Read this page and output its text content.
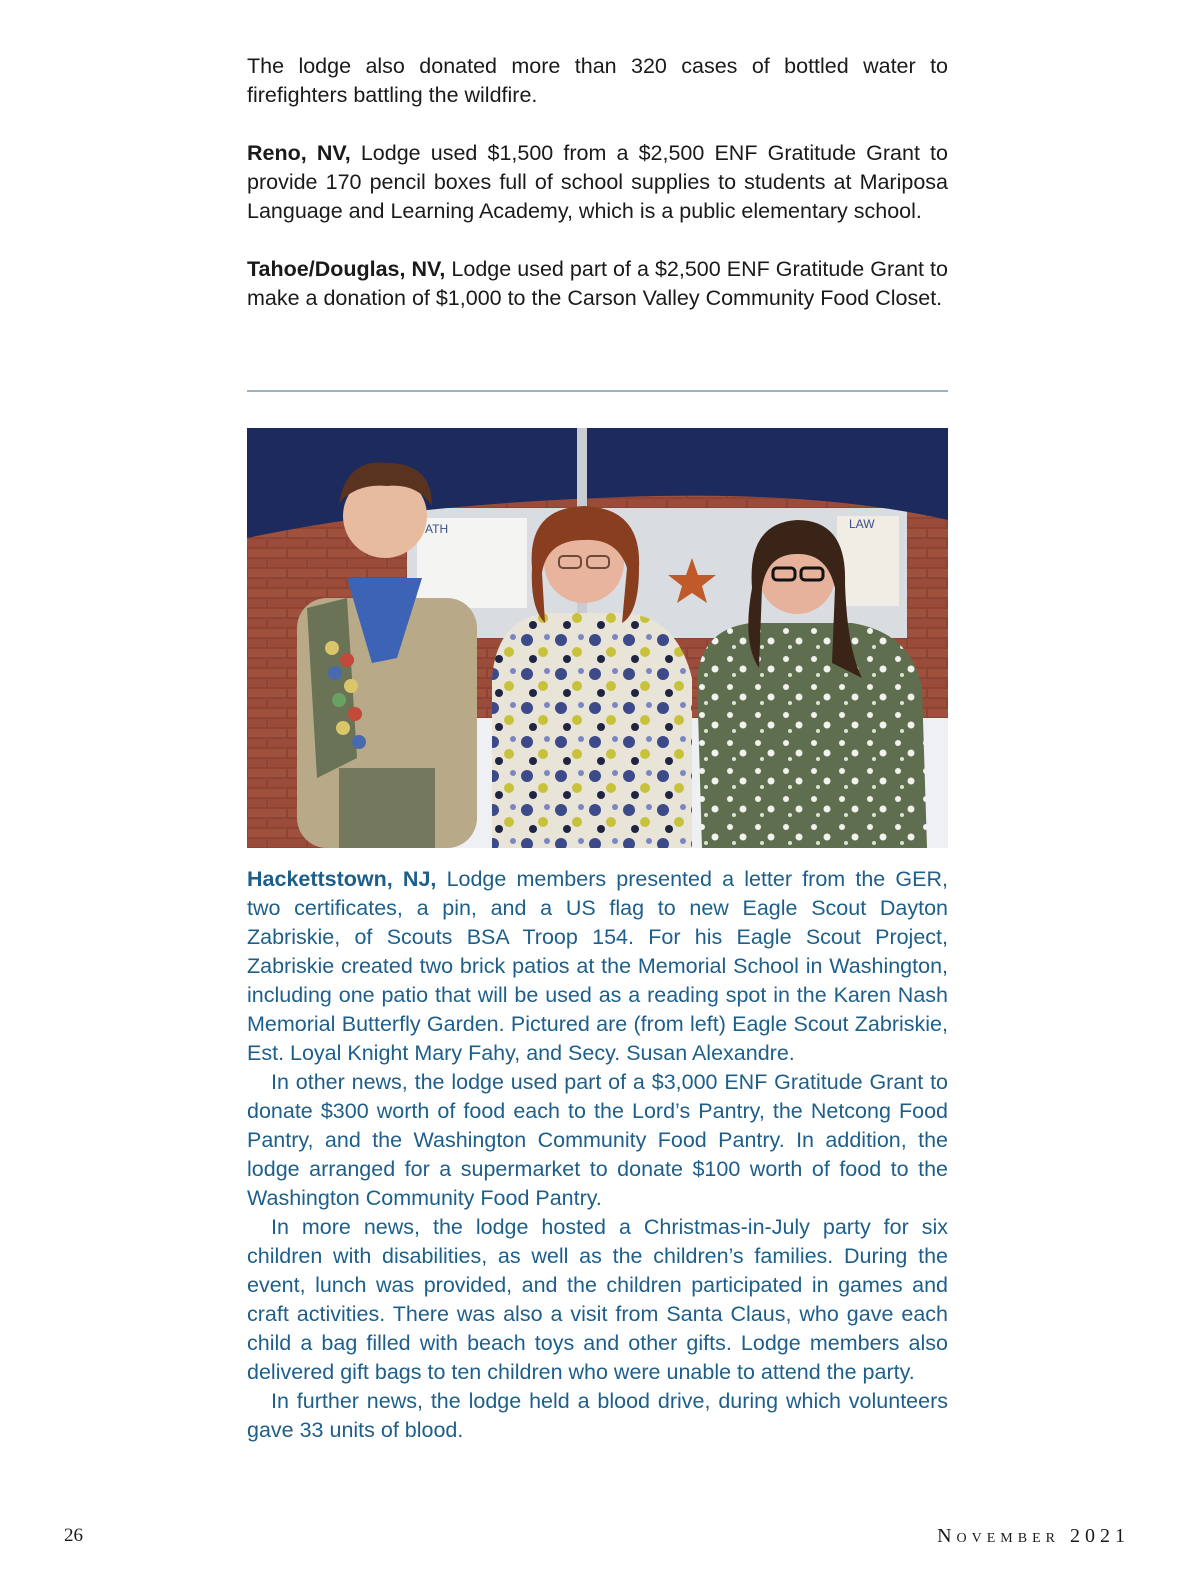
The lodge also donated more than 320 cases of bottled water to firefighters battling the wildfire.

Reno, NV, Lodge used $1,500 from a $2,500 ENF Gratitude Grant to provide 170 pencil boxes full of school supplies to students at Mariposa Language and Learning Academy, which is a public elementary school.

Tahoe/Douglas, NV, Lodge used part of a $2,500 ENF Gratitude Grant to make a donation of $1,000 to the Carson Valley Community Food Closet.

ATH	LAW

Hackettstown, NJ, Lodge members presented a letter from the GER, two certificates, a pin, and a US flag to new Eagle Scout Dayton Zabriskie, of Scouts BSA Troop 154. For his Eagle Scout Project, Zabriskie created two brick patios at the Memorial School in Washington, including one patio that will be used as a reading spot in the Karen Nash Memorial Butterfly Garden. Pictured are (from left) Eagle Scout Zabriskie, Est. Loyal Knight Mary Fahy, and Secy. Susan Alexandre.

In other news, the lodge used part of a $3,000 ENF Gratitude Grant to donate $300 worth of food each to the Lord’s Pantry, the Netcong Food Pantry, and the Washington Community Food Pantry. In addition, the lodge arranged for a supermarket to donate $100 worth of food to the Washington Community Food Pantry.

In more news, the lodge hosted a Christmas-in-July party for six children with disabilities, as well as the children’s families. During the event, lunch was provided, and the children participated in games and craft activities. There was also a visit from Santa Claus, who gave each child a bag filled with beach toys and other gifts. Lodge members also delivered gift bags to ten children who were unable to attend the party.

In further news, the lodge held a blood drive, during which volunteers gave 33 units of blood.

26	November 2021
